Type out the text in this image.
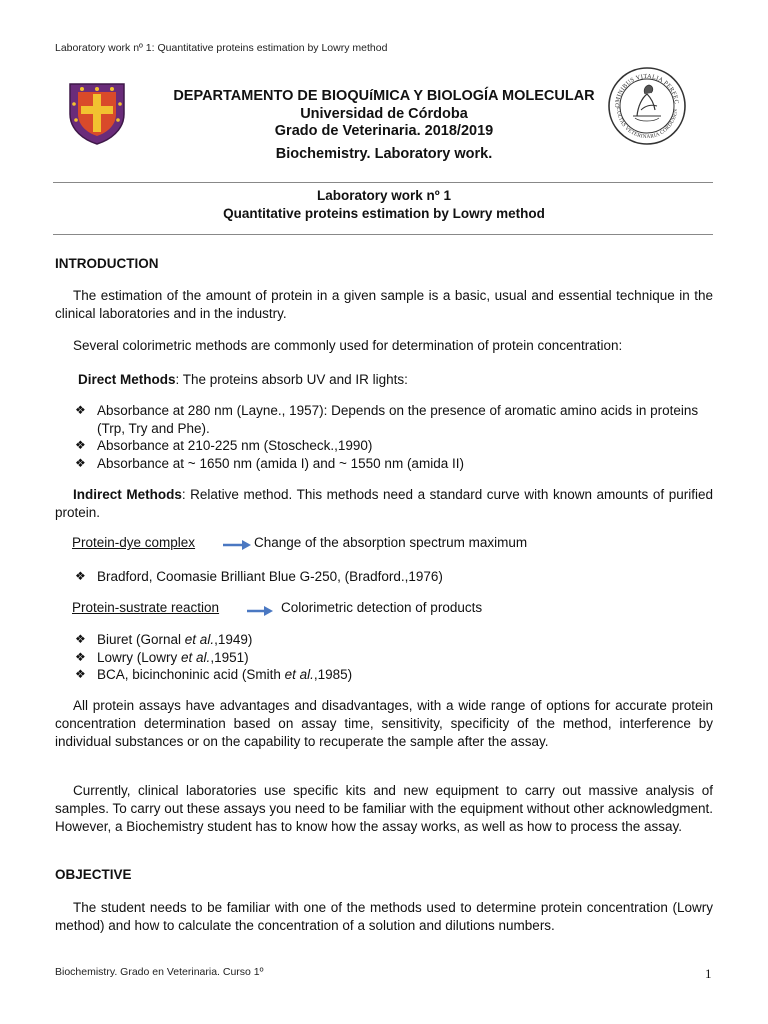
Laboratory work nº 1: Quantitative proteins estimation by Lowry method
DEPARTAMENTO DE BIOQUíMICA Y BIOLOGÍA MOLECULAR
Universidad de Córdoba
Grado de Veterinaria. 2018/2019
Biochemistry. Laboratory work.
OMINIBUS VITALIA PERFEC
CULTAS VETERINARIA CORDUBEN
Laboratory work nº 1
Quantitative proteins estimation by Lowry method
INTRODUCTION
The estimation of the amount of protein in a given sample is a basic, usual and essential technique in the clinical laboratories and in the industry.
Several colorimetric methods are commonly used for determination of protein concentration:
Direct Methods: The proteins absorb UV and IR lights:
❖ Absorbance at 280 nm (Layne., 1957): Depends on the presence of aromatic amino acids in proteins (Trp, Try and Phe).
❖ Absorbance at 210-225 nm (Stoscheck.,1990)
❖ Absorbance at ~ 1650 nm (amida I) and ~ 1550 nm (amida II)
Indirect Methods: Relative method. This methods need a standard curve with known amounts of purified protein.
Protein-dye complex	Change of the absorption spectrum maximum
❖ Bradford, Coomasie Brilliant Blue G-250, (Bradford.,1976)
Protein-sustrate reaction	Colorimetric detection of products
❖ Biuret (Gornal et al.,1949)
❖ Lowry (Lowry et al.,1951)
❖ BCA, bicinchoninic acid (Smith et al.,1985)
All protein assays have advantages and disadvantages, with a wide range of options for accurate protein concentration determination based on assay time, sensitivity, specificity of the method, interference by individual substances or on the capability to recuperate the sample after the assay.
Currently, clinical laboratories use specific kits and new equipment to carry out massive analysis of samples. To carry out these assays you need to be familiar with the equipment without other acknowledgment. However, a Biochemistry student has to know how the assay works, as well as how to process the assay.
OBJECTIVE
The student needs to be familiar with one of the methods used to determine protein concentration (Lowry method) and how to calculate the concentration of a solution and dilutions numbers.
Biochemistry. Grado en Veterinaria. Curso 1º	1
